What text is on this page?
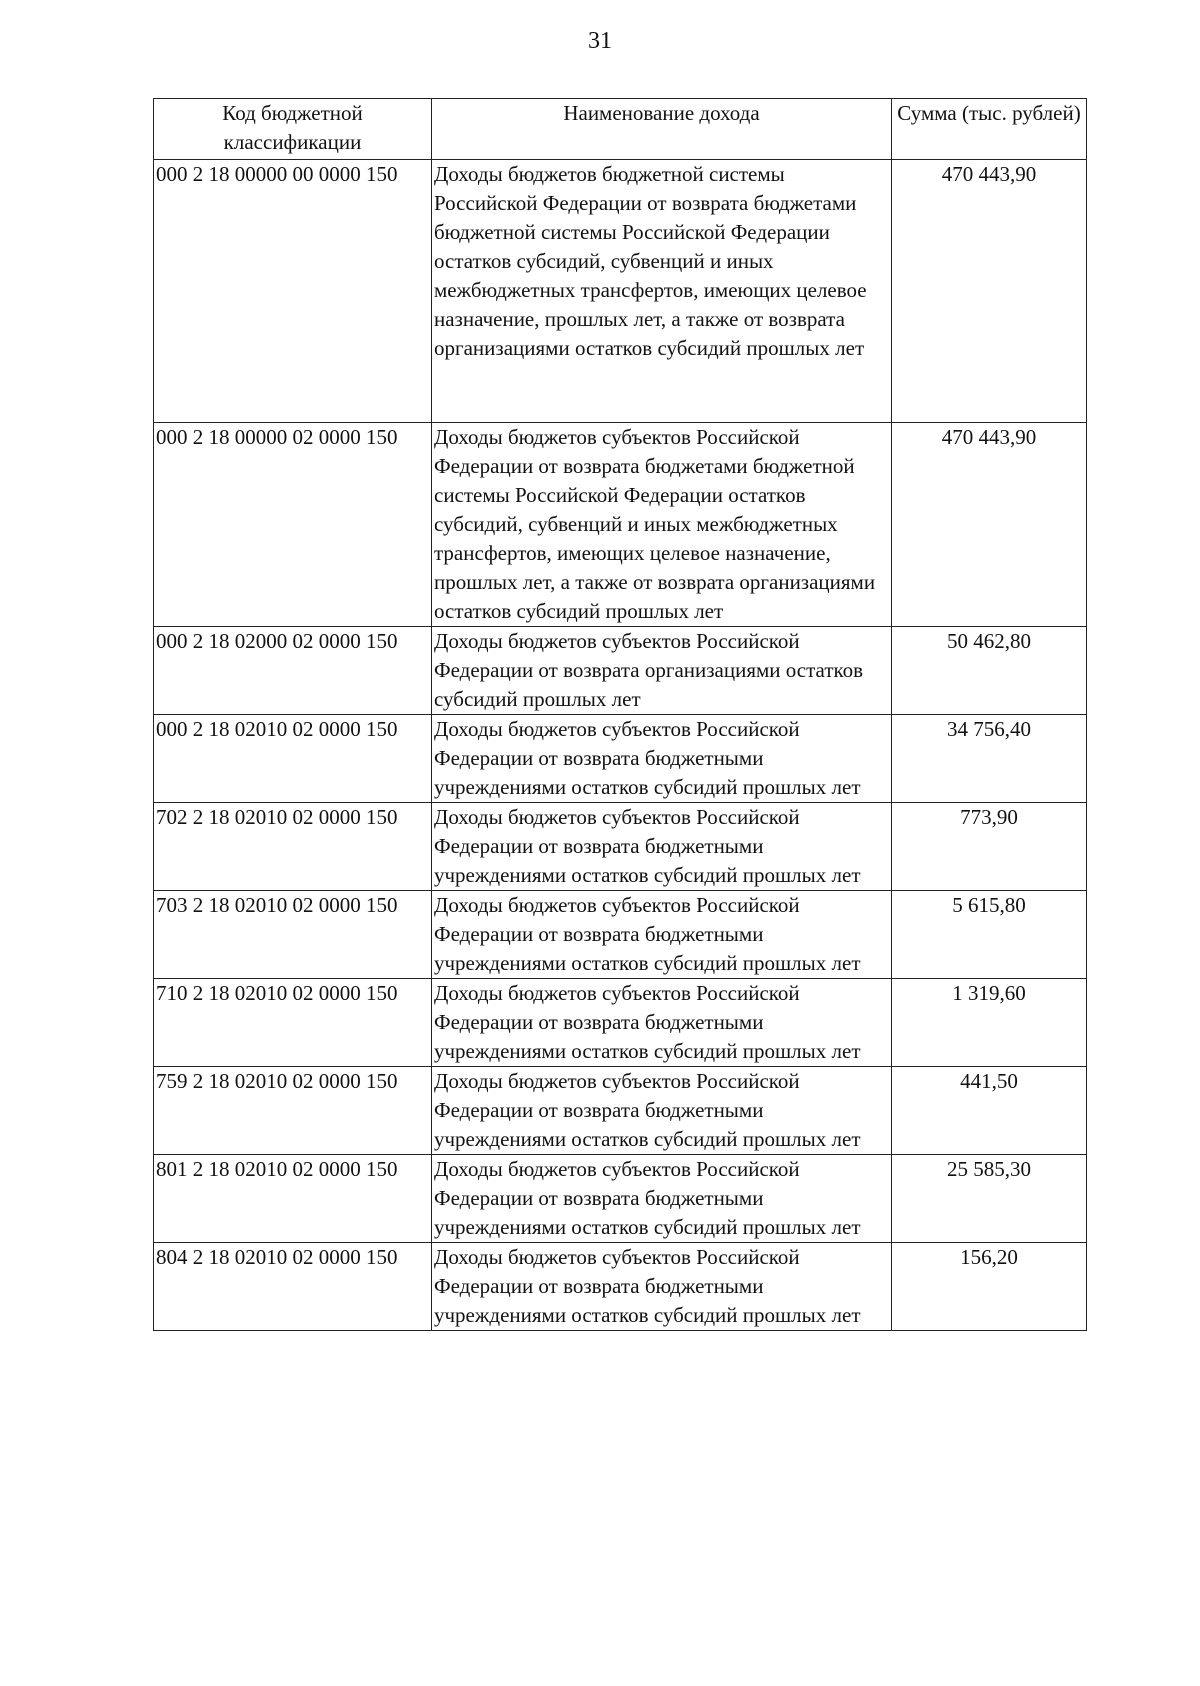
31
Код бюджетной классификации	Наименование дохода	Сумма (тыс. рублей)
000 2 18 00000 00 0000 150	Доходы бюджетов бюджетной системы Российской Федерации от возврата бюджетами бюджетной системы Российской Федерации остатков субсидий, субвенций и иных межбюджетных трансфертов, имеющих целевое назначение, прошлых лет, а также от возврата организациями остатков субсидий прошлых лет	470 443,90
000 2 18 00000 02 0000 150	Доходы бюджетов субъектов Российской Федерации от возврата бюджетами бюджетной системы Российской Федерации остатков субсидий, субвенций и иных межбюджетных трансфертов, имеющих целевое назначение, прошлых лет, а также от возврата организациями остатков субсидий прошлых лет	470 443,90
000 2 18 02000 02 0000 150	Доходы бюджетов субъектов Российской Федерации от возврата организациями остатков субсидий прошлых лет	50 462,80
000 2 18 02010 02 0000 150	Доходы бюджетов субъектов Российской Федерации от возврата бюджетными учреждениями остатков субсидий прошлых лет	34 756,40
702 2 18 02010 02 0000 150	Доходы бюджетов субъектов Российской Федерации от возврата бюджетными учреждениями остатков субсидий прошлых лет	773,90
703 2 18 02010 02 0000 150	Доходы бюджетов субъектов Российской Федерации от возврата бюджетными учреждениями остатков субсидий прошлых лет	5 615,80
710 2 18 02010 02 0000 150	Доходы бюджетов субъектов Российской Федерации от возврата бюджетными учреждениями остатков субсидий прошлых лет	1 319,60
759 2 18 02010 02 0000 150	Доходы бюджетов субъектов Российской Федерации от возврата бюджетными учреждениями остатков субсидий прошлых лет	441,50
801 2 18 02010 02 0000 150	Доходы бюджетов субъектов Российской Федерации от возврата бюджетными учреждениями остатков субсидий прошлых лет	25 585,30
804 2 18 02010 02 0000 150	Доходы бюджетов субъектов Российской Федерации от возврата бюджетными учреждениями остатков субсидий прошлых лет	156,20
